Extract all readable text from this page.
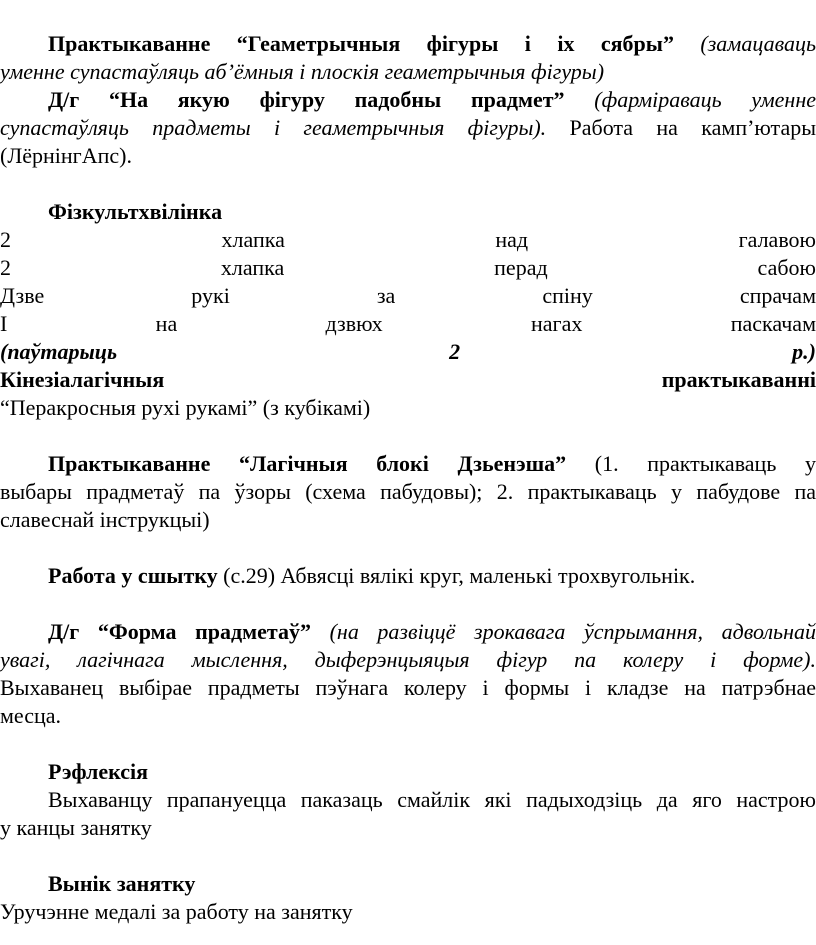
Практыкаванне “Геаметрычныя фігуры і іх сябры” (замацаваць
уменне супастаўляць аб’ёмныя і плоскія геаметрычныя фігуры)
Д/г “На якую фігуру падобны прадмет” (фарміраваць уменне
супастаўляць прадметы і геаметрычныя фігуры). Работа на камп’ютары
(ЛёрнінгАпс).
Фізкультхвілінка
2 хлапка над галавою
2 хлапка перад сабою
Дзве рукі за спіну спрачам
І на дзвюх нагах паскачам
(паўтарыць 2 р.)
Кінезіалагічныя практыкаванні
“Перакросныя рухі рукамі” (з кубікамі)
Практыкаванне “Лагічныя блокі Дзьенэша” (1. практыкаваць у
выбары прадметаў па ўзоры (схема пабудовы); 2. практыкаваць у пабудове па
славеснай інструкцыі)
Работа у сшытку (с.29) Абвясці вялікі круг, маленькі трохвугольнік.
Д/г “Форма прадметаў” (на развіццё зрокавага ўспрымання, адвольнай
увагі, лагічнага мыслення, дыферэнцыяцыя фігур па колеру і форме).
Выхаванец выбірае прадметы пэўнага колеру і формы і кладзе на патрэбнае
месца.
Рэфлексія
Выхаванцу прапануецца паказаць смайлік які падыходзіць да яго настрою
у канцы занятку
Вынік занятку
Уручэнне медалі за работу на занятку
